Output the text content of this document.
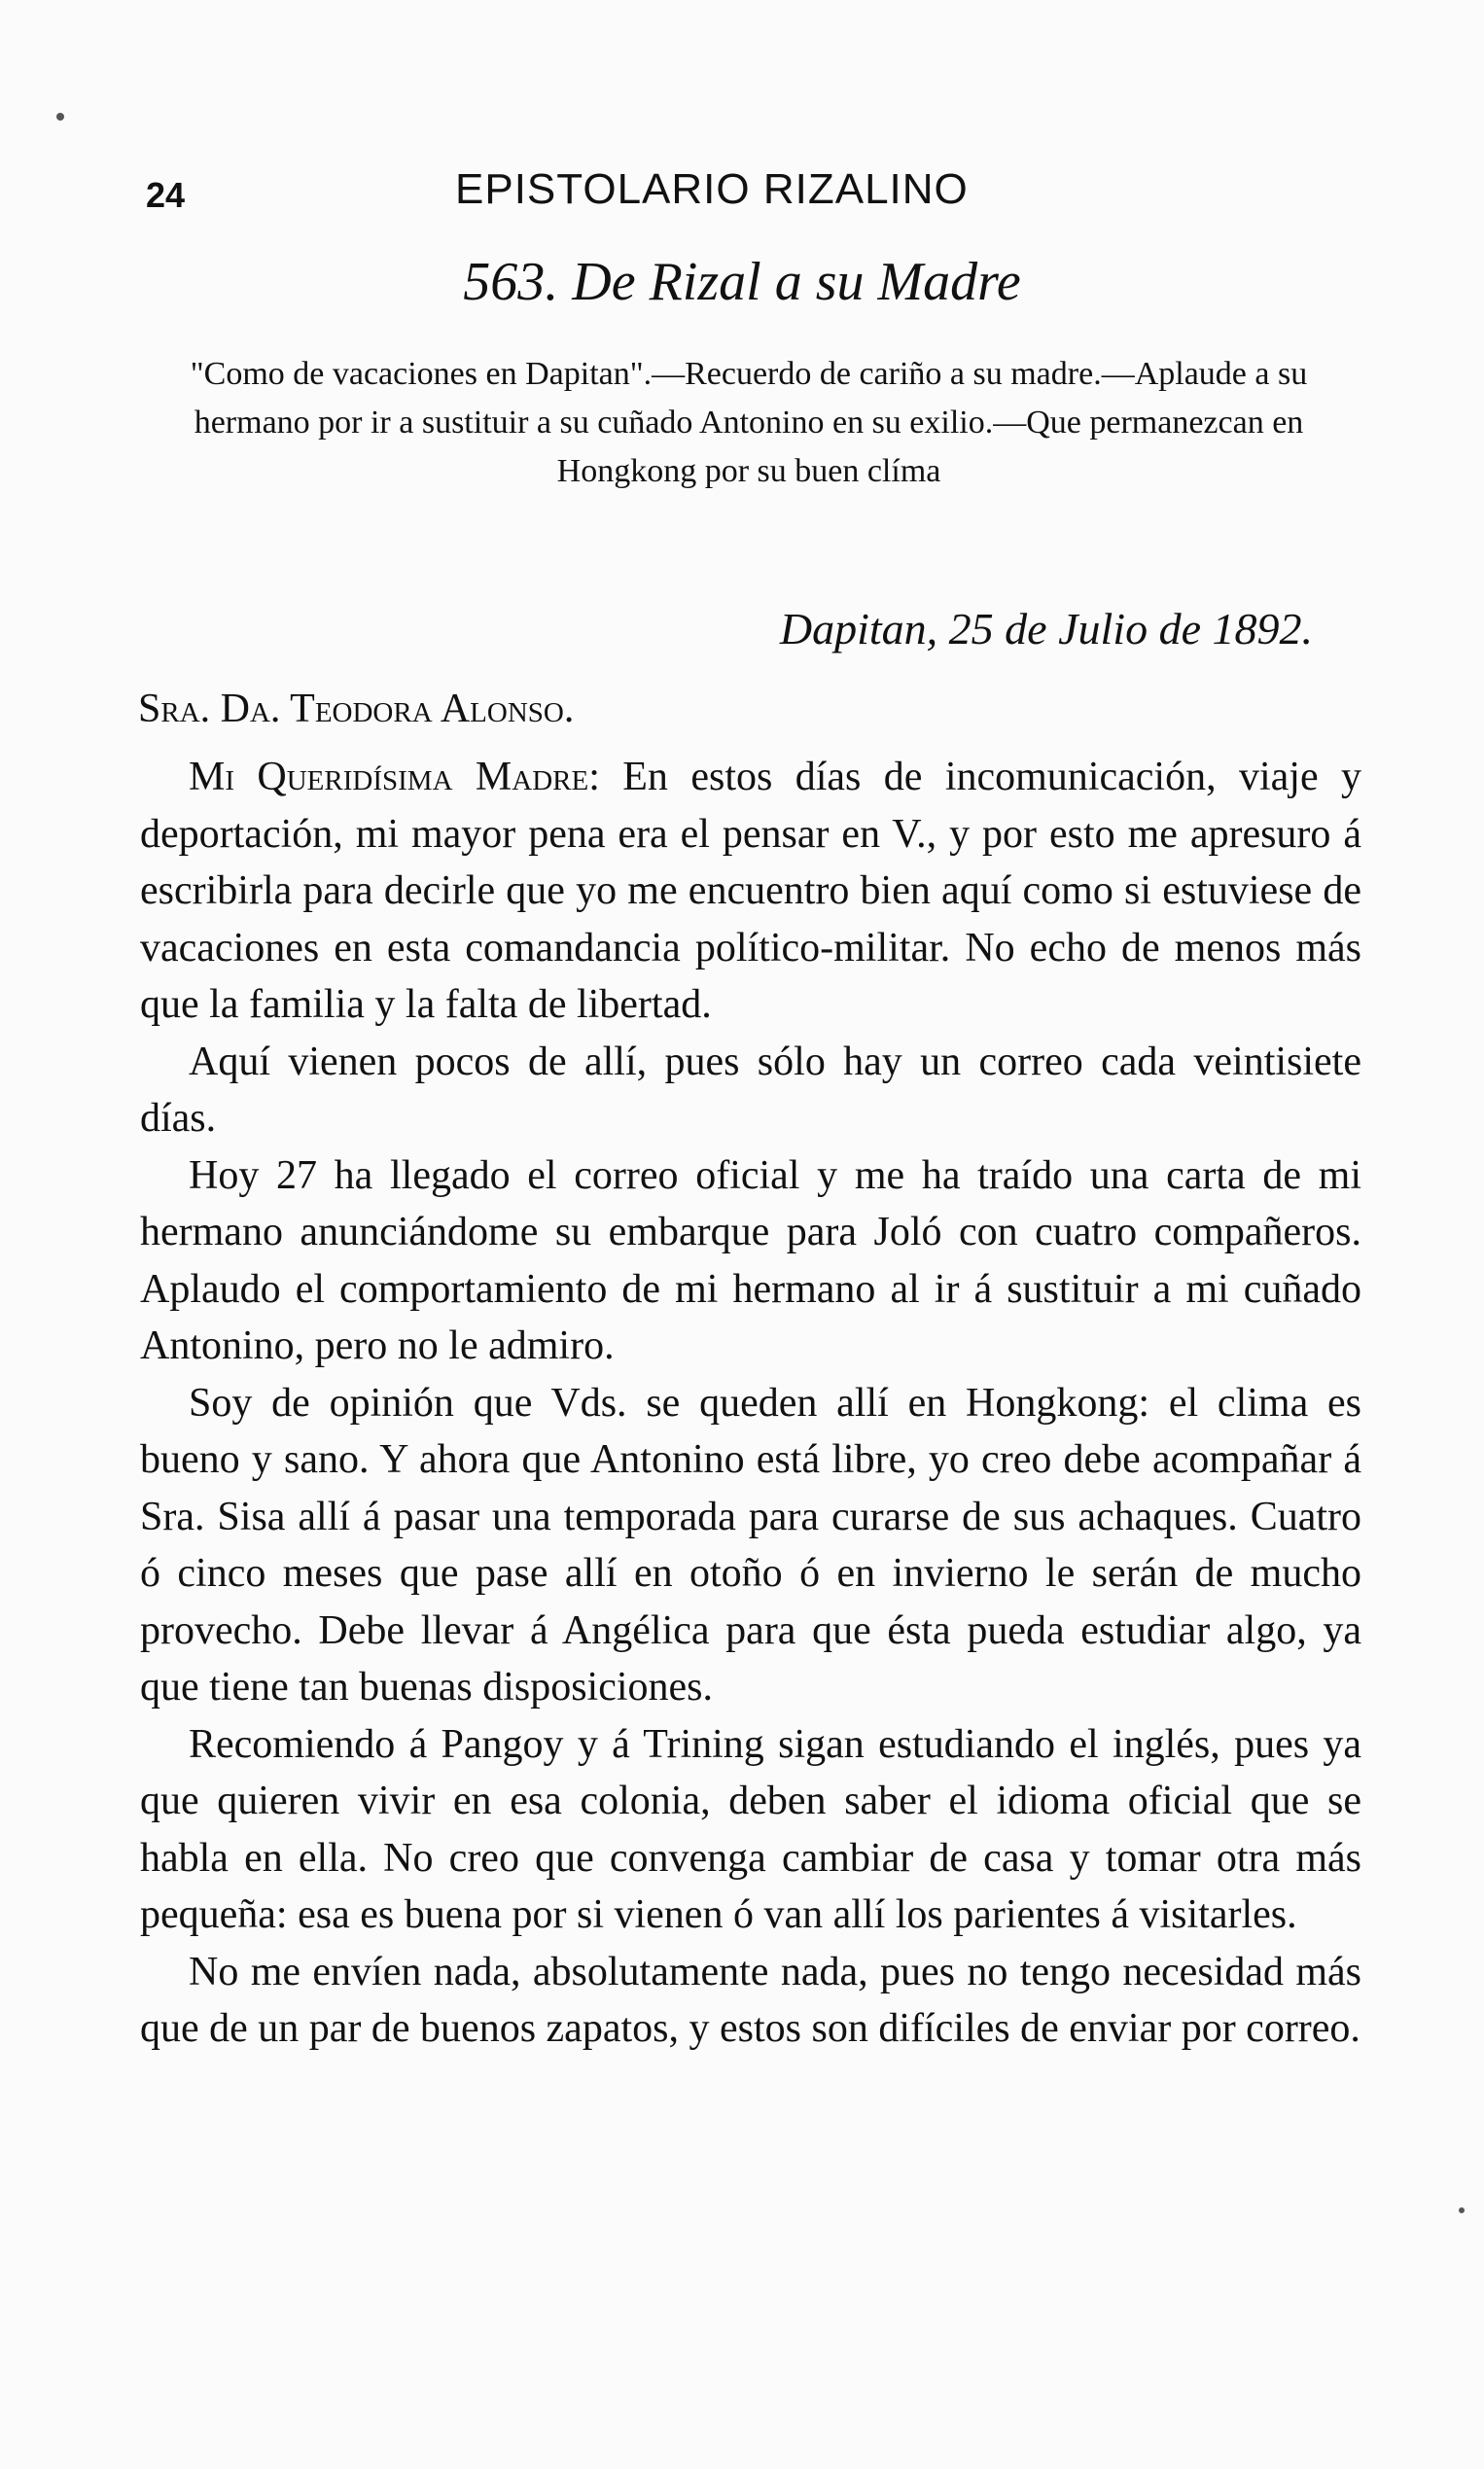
24	EPISTOLARIO RIZALINO
563. De Rizal a su Madre
"Como de vacaciones en Dapitan".—Recuerdo de cariño a su madre.—Aplaude a su hermano por ir a sustituir a su cuñado Antonino en su exilio.—Que permanezcan en Hongkong por su buen clíma
Dapitan, 25 de Julio de 1892.
Sra. Da. Teodora Alonso.

Mi Queridísima Madre: En estos días de incomunicación, viaje y deportación, mi mayor pena era el pensar en V., y por esto me apresuro á escribirla para decirle que yo me encuentro bien aquí como si estuviese de vacaciones en esta comandancia político-militar. No echo de menos más que la familia y la falta de libertad.

Aquí vienen pocos de allí, pues sólo hay un correo cada veintisiete días.

Hoy 27 ha llegado el correo oficial y me ha traído una carta de mi hermano anunciándome su embarque para Joló con cuatro compañeros. Aplaudo el comportamiento de mi hermano al ir á sustituir a mi cuñado Antonino, pero no le admiro.

Soy de opinión que Vds. se queden allí en Hongkong: el clima es bueno y sano. Y ahora que Antonino está libre, yo creo debe acompañar á Sra. Sisa allí á pasar una temporada para curarse de sus achaques. Cuatro ó cinco meses que pase allí en otoño ó en invierno le serán de mucho provecho. Debe llevar á Angélica para que ésta pueda estudiar algo, ya que tiene tan buenas disposiciones.

Recomiendo á Pangoy y á Trining sigan estudiando el inglés, pues ya que quieren vivir en esa colonia, deben saber el idioma oficial que se habla en ella. No creo que convenga cambiar de casa y tomar otra más pequeña: esa es buena por si vienen ó van allí los parientes á visitarles.

No me envíen nada, absolutamente nada, pues no tengo necesidad más que de un par de buenos zapatos, y estos son difíciles de enviar por correo.
